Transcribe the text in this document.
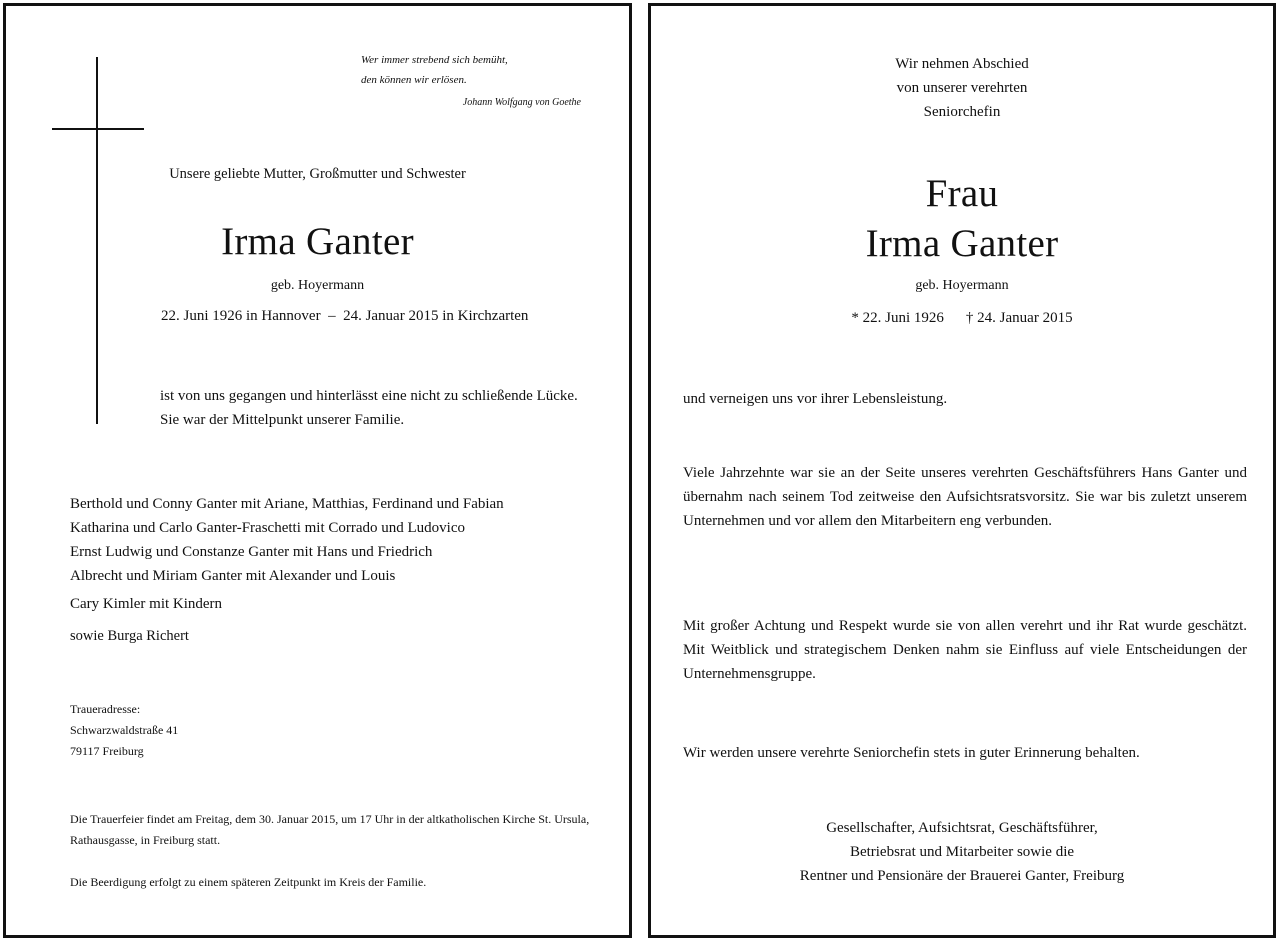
Wer immer strebend sich bemüht,
den können wir erlösen.
Johann Wolfgang von Goethe

Unsere geliebte Mutter, Großmutter und Schwester

Irma Ganter

geb. Hoyermann

22. Juni 1926 in Hannover  –  24. Januar 2015 in Kirchzarten

ist von uns gegangen und hinterlässt eine nicht zu schließende Lücke. Sie war der Mittelpunkt unserer Familie.

Berthold und Conny Ganter mit Ariane, Matthias, Ferdinand und Fabian
Katharina und Carlo Ganter-Fraschetti mit Corrado und Ludovico
Ernst Ludwig und Constanze Ganter mit Hans und Friedrich
Albrecht und Miriam Ganter mit Alexander und Louis

Cary Kimler mit Kindern

sowie Burga Richert

Traueradresse:
Schwarzwaldstraße 41
79117 Freiburg

Die Trauerfeier findet am Freitag, dem 30. Januar 2015, um 17 Uhr in der altkatholischen Kirche St. Ursula, Rathausgasse, in Freiburg statt.

Die Beerdigung erfolgt zu einem späteren Zeitpunkt im Kreis der Familie.

Wir nehmen Abschied
von unserer verehrten
Seniorchefin

Frau

Irma Ganter

geb. Hoyermann

* 22. Juni 1926 † 24. Januar 2015

und verneigen uns vor ihrer Lebensleistung.

Viele Jahrzehnte war sie an der Seite unseres verehrten Geschäftsführers Hans Ganter und übernahm nach seinem Tod zeitweise den Aufsichtsratsvorsitz. Sie war bis zuletzt unserem Unternehmen und vor allem den Mitarbeitern eng verbunden.

Mit großer Achtung und Respekt wurde sie von allen verehrt und ihr Rat wurde geschätzt. Mit Weitblick und strategischem Denken nahm sie Einfluss auf viele Entscheidungen der Unternehmensgruppe.

Wir werden unsere verehrte Seniorchefin stets in guter Erinnerung behalten.

Gesellschafter, Aufsichtsrat, Geschäftsführer,
Betriebsrat und Mitarbeiter sowie die
Rentner und Pensionäre der Brauerei Ganter, Freiburg
